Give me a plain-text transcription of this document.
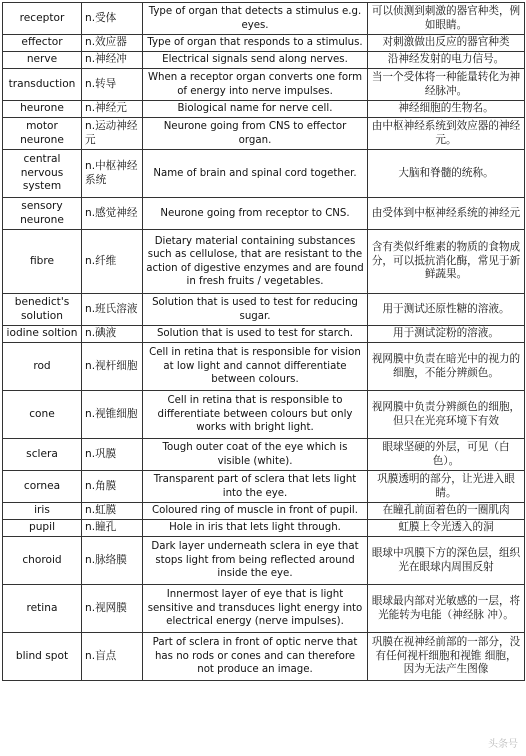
receptor	n.受体	Type of organ that detects a stimulus e.g. eyes.	可以侦测到刺激的器官种类，例如眼睛。
effector	n.效应器	Type of organ that responds to a stimulus.	对刺激做出反应的器官种类
nerve	n.神经冲	Electrical signals send along nerves.	沿神经发射的电力信号。
transduction	n.转导	When a receptor organ converts one form of energy into nerve impulses.	当一个受体将一种能量转化为神经脉冲。
heurone	n.神经元	Biological name for nerve cell.	神经细胞的生物名。
motor neurone	n.运动神经元	Neurone going from CNS to effector organ.	由中枢神经系统到效应器的神经元。
central nervous system	n.中枢神经系统	Name of brain and spinal cord together.	大脑和脊髓的统称。
sensory neurone	n.感觉神经	Neurone going from receptor to CNS.	由受体到中枢神经系统的神经元
fibre	n.纤维	Dietary material containing substances such as cellulose, that are resistant to the action of digestive enzymes and are found in fresh fruits / vegetables.	含有类似纤维素的物质的食物成分，可以抵抗消化酶，常见于新鲜蔬果。
benedict's solution	n.班氏溶液	Solution that is used to test for reducing sugar.	用于测试还原性糖的溶液。
iodine soltion	n.碘液	Solution that is used to test for starch.	用于测试淀粉的溶液。
rod	n.视杆细胞	Cell in retina that is responsible for vision at low light and cannot differentiate between colours.	视网膜中负责在暗光中的视力的细胞，不能分辨颜色。
cone	n.视锥细胞	Cell in retina that is responsible to differentiate between colours but only works with bright light.	视网膜中负责分辨颜色的细胞，但只在光亮环境下有效
sclera	n.巩膜	Tough outer coat of the eye which is visible (white).	眼球坚硬的外层，可见（白色）。
cornea	n.角膜	Transparent part of sclera that lets light into the eye.	巩膜透明的部分，让光进入眼睛。
iris	n.虹膜	Coloured ring of muscle in front of pupil.	在瞳孔前面着色的一圈肌肉
pupil	n.瞳孔	Hole in iris that lets light through.	虹膜上令光透入的洞
choroid	n.脉络膜	Dark layer underneath sclera in eye that stops light from being reflected around inside the eye.	眼球中巩膜下方的深色层，组织光在眼球内周围反射
retina	n.视网膜	Innermost layer of eye that is light sensitive and transduces light energy into electrical energy (nerve impulses).	眼球最内部对光敏感的一层，将光能转为电能（神经脉 冲）。
blind spot	n.盲点	Part of sclera in front of optic nerve that has no rods or cones and can therefore not produce an image.	巩膜在视神经前部的一部分，没有任何视杆细胞和视锥 细胞，因为无法产生图像
头条号
